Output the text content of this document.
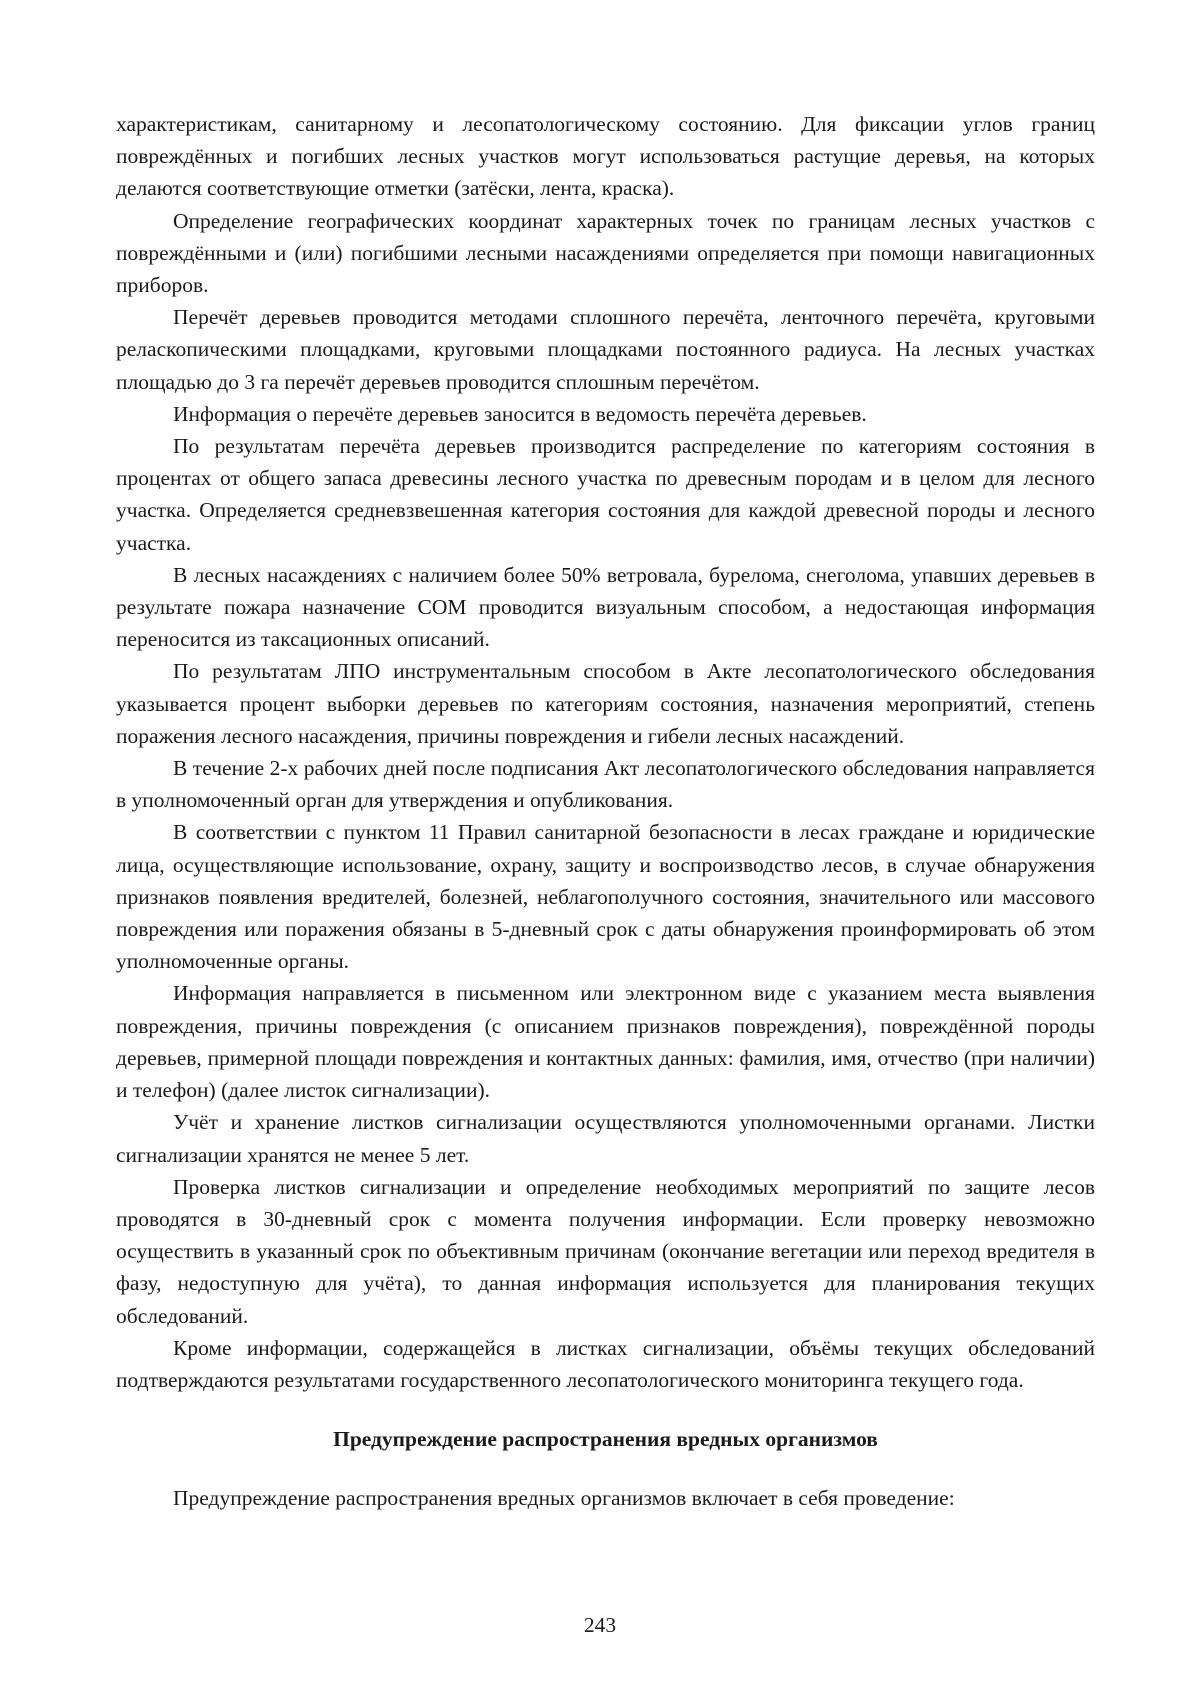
характеристикам, санитарному и лесопатологическому состоянию. Для фиксации углов границ повреждённых и погибших лесных участков могут использоваться растущие деревья, на которых делаются соответствующие отметки (затёски, лента, краска).

Определение географических координат характерных точек по границам лесных участков с повреждёнными и (или) погибшими лесными насаждениями определяется при помощи навигационных приборов.

Перечёт деревьев проводится методами сплошного перечёта, ленточного перечёта, круговыми реласкопическими площадками, круговыми площадками постоянного радиуса. На лесных участках площадью до 3 га перечёт деревьев проводится сплошным перечётом.

Информация о перечёте деревьев заносится в ведомость перечёта деревьев.

По результатам перечёта деревьев производится распределение по категориям состояния в процентах от общего запаса древесины лесного участка по древесным породам и в целом для лесного участка. Определяется средневзвешенная категория состояния для каждой древесной породы и лесного участка.

В лесных насаждениях с наличием более 50% ветровала, бурелома, снеголома, упавших деревьев в результате пожара назначение СОМ проводится визуальным способом, а недостающая информация переносится из таксационных описаний.

По результатам ЛПО инструментальным способом в Акте лесопатологического обследования указывается процент выборки деревьев по категориям состояния, назначения мероприятий, степень поражения лесного насаждения, причины повреждения и гибели лесных насаждений.

В течение 2-х рабочих дней после подписания Акт лесопатологического обследования направляется в уполномоченный орган для утверждения и опубликования.

В соответствии с пунктом 11 Правил санитарной безопасности в лесах граждане и юридические лица, осуществляющие использование, охрану, защиту и воспроизводство лесов, в случае обнаружения признаков появления вредителей, болезней, неблагополучного состояния, значительного или массового повреждения или поражения обязаны в 5-дневный срок с даты обнаружения проинформировать об этом уполномоченные органы.

Информация направляется в письменном или электронном виде с указанием места выявления повреждения, причины повреждения (с описанием признаков повреждения), повреждённой породы деревьев, примерной площади повреждения и контактных данных: фамилия, имя, отчество (при наличии) и телефон) (далее листок сигнализации).

Учёт и хранение листков сигнализации осуществляются уполномоченными органами. Листки сигнализации хранятся не менее 5 лет.

Проверка листков сигнализации и определение необходимых мероприятий по защите лесов проводятся в 30-дневный срок с момента получения информации. Если проверку невозможно осуществить в указанный срок по объективным причинам (окончание вегетации или переход вредителя в фазу, недоступную для учёта), то данная информация используется для планирования текущих обследований.

Кроме информации, содержащейся в листках сигнализации, объёмы текущих обследований подтверждаются результатами государственного лесопатологического мониторинга текущего года.

Предупреждение распространения вредных организмов

Предупреждение распространения вредных организмов включает в себя проведение:

243
